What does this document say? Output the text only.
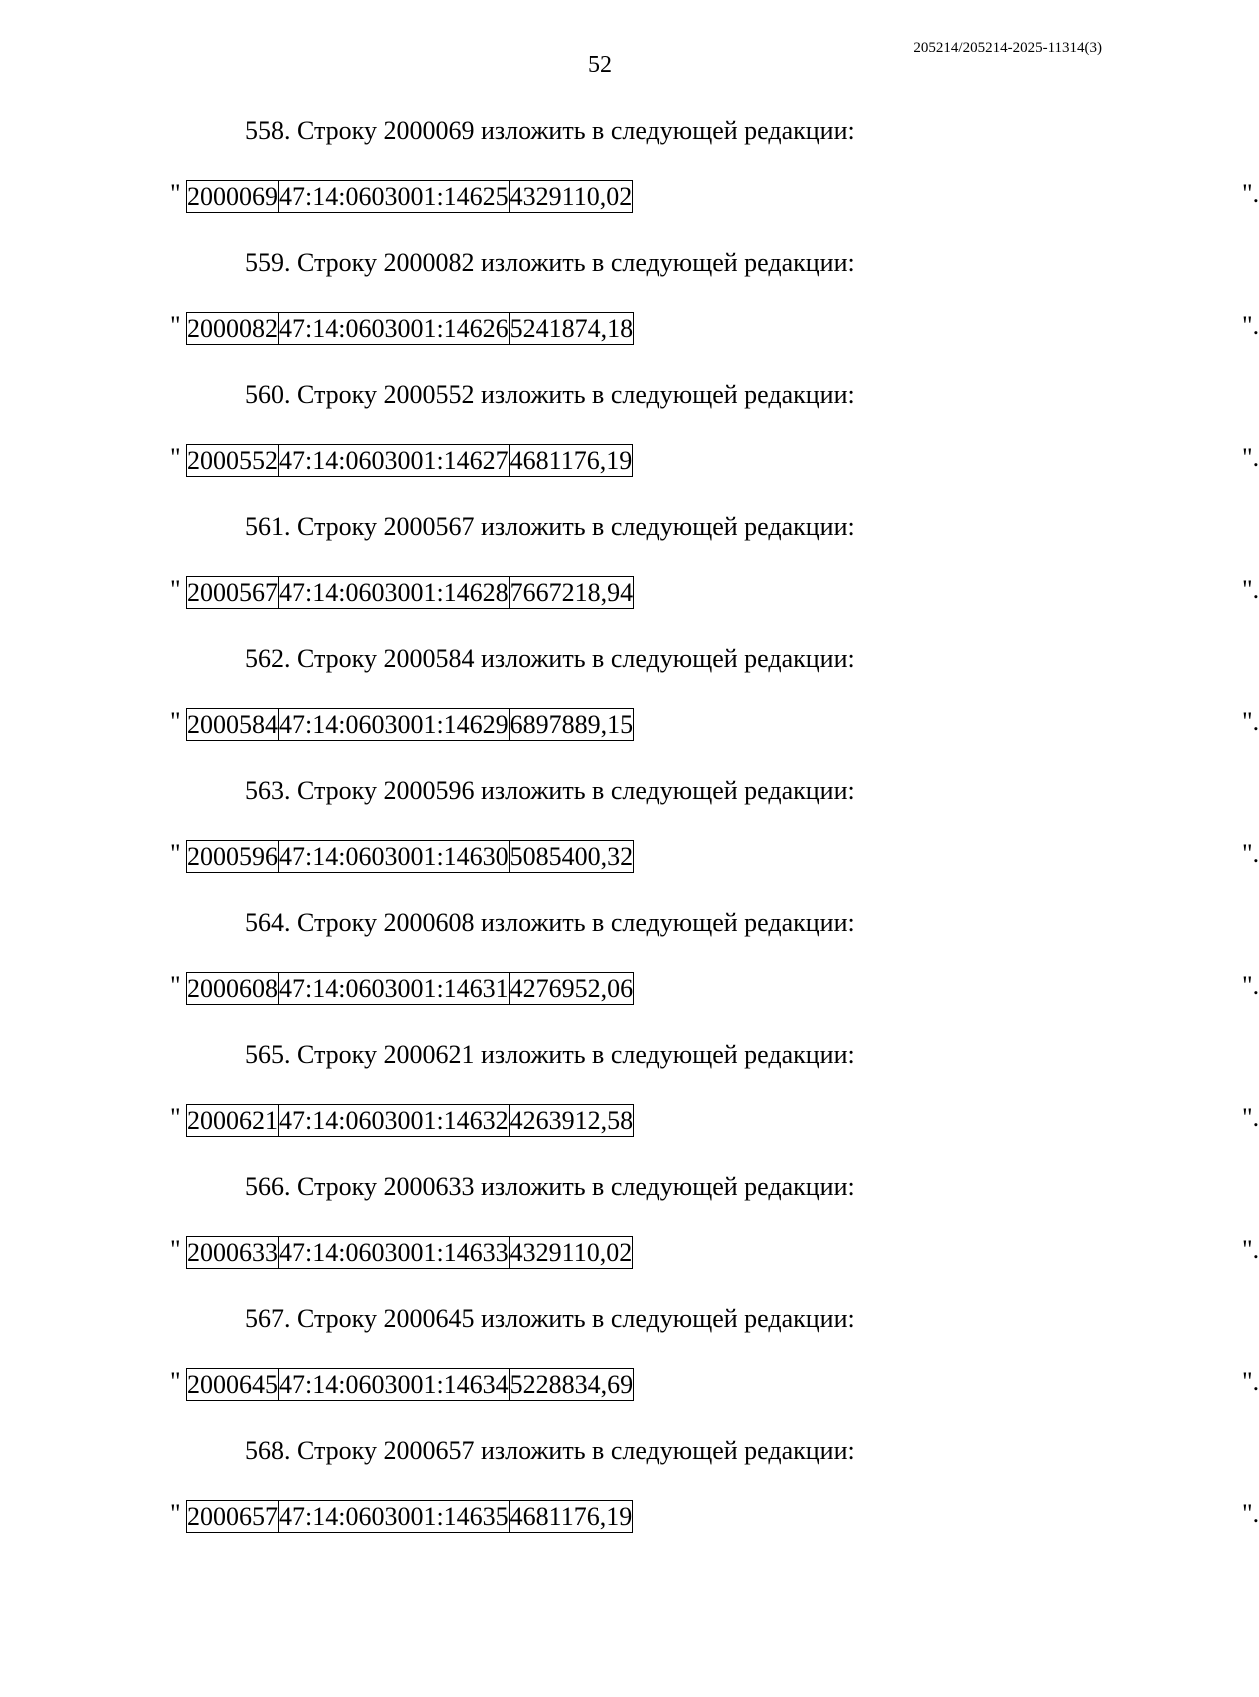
52
205214/205214-2025-11314(3)
558. Строку 2000069 изложить в следующей редакции:
" 2000069	47:14:0603001:14625	4329110,02	".
559. Строку 2000082 изложить в следующей редакции:
" 2000082	47:14:0603001:14626	5241874,18	".
560. Строку 2000552 изложить в следующей редакции:
" 2000552	47:14:0603001:14627	4681176,19	".
561. Строку 2000567 изложить в следующей редакции:
" 2000567	47:14:0603001:14628	7667218,94	".
562. Строку 2000584 изложить в следующей редакции:
" 2000584	47:14:0603001:14629	6897889,15	".
563. Строку 2000596 изложить в следующей редакции:
" 2000596	47:14:0603001:14630	5085400,32	".
564. Строку 2000608 изложить в следующей редакции:
" 2000608	47:14:0603001:14631	4276952,06	".
565. Строку 2000621 изложить в следующей редакции:
" 2000621	47:14:0603001:14632	4263912,58	".
566. Строку 2000633 изложить в следующей редакции:
" 2000633	47:14:0603001:14633	4329110,02	".
567. Строку 2000645 изложить в следующей редакции:
" 2000645	47:14:0603001:14634	5228834,69	".
568. Строку 2000657 изложить в следующей редакции:
" 2000657	47:14:0603001:14635	4681176,19	".
